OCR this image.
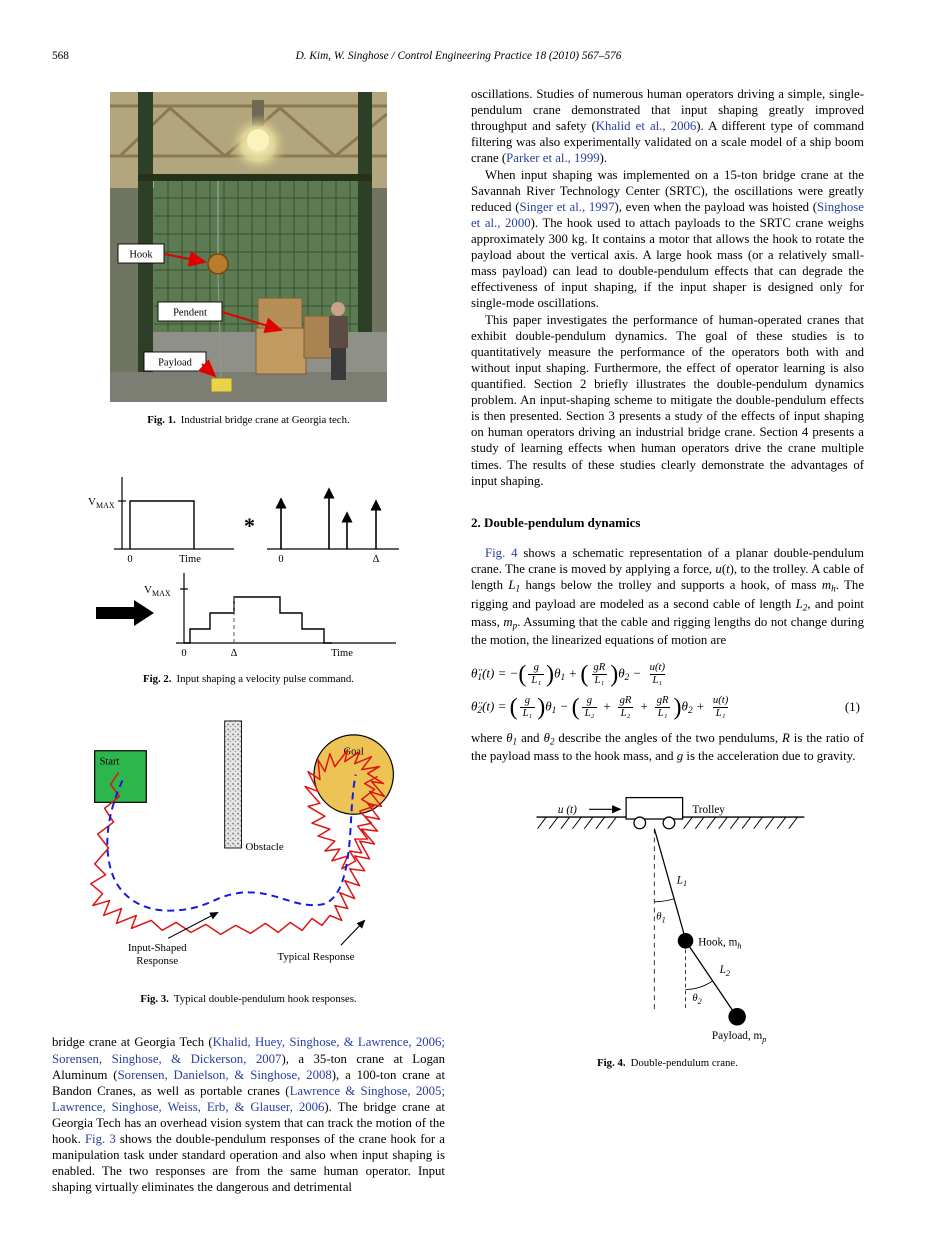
568	D. Kim, W. Singhose / Control Engineering Practice 18 (2010) 567–576
Hook
Pendent
Payload
Fig. 1. Industrial bridge crane at Georgia tech.
$V_{MAX}$
0	Time
*
0	Δ
$V_{MAX}$
0	Δ	Time
Fig. 2. Input shaping a velocity pulse command.
Obstacle
Start
Goal
Input-Shaped
Response	Typical Response
Fig. 3. Typical double-pendulum hook responses.

bridge crane at Georgia Tech (Khalid, Huey, Singhose, & Lawrence, 2006; Sorensen, Singhose, & Dickerson, 2007), a 35-ton crane at Logan Aluminum (Sorensen, Danielson, & Singhose, 2008), a 100-ton crane at Bandon Cranes, as well as portable cranes (Lawrence & Singhose, 2005; Lawrence, Singhose, Weiss, Erb, & Glauser, 2006). The bridge crane at Georgia Tech has an overhead vision system that can track the motion of the hook. Fig. 3 shows the double-pendulum responses of the crane hook for a manipulation task under standard operation and also when input shaping is enabled. The two responses are from the same human operator. Input shaping virtually eliminates the dangerous and detrimental

oscillations. Studies of numerous human operators driving a simple, single-pendulum crane demonstrated that input shaping greatly improved throughput and safety (Khalid et al., 2006). A different type of command filtering was also experimentally validated on a scale model of a ship boom crane (Parker et al., 1999).

When input shaping was implemented on a 15-ton bridge crane at the Savannah River Technology Center (SRTC), the oscillations were greatly reduced (Singer et al., 1997), even when the payload was hoisted (Singhose et al., 2000). The hook used to attach payloads to the SRTC crane weighs approximately 300 kg. It contains a motor that allows the hook to rotate the payload about the vertical axis. A large hook mass (or a relatively small-mass payload) can lead to double-pendulum effects that can degrade the effectiveness of input shaping, if the input shaper is designed only for single-mode oscillations.

This paper investigates the performance of human-operated cranes that exhibit double-pendulum dynamics. The goal of these studies is to quantitatively measure the performance of the operators both with and without input shaping. Furthermore, the effect of operator learning is also quantified. Section 2 briefly illustrates the double-pendulum dynamics problem. An input-shaping scheme to mitigate the double-pendulum effects is then presented. Section 3 presents a study of the effects of input shaping on human operators driving an industrial bridge crane. Section 4 presents a study of learning effects when human operators drive the crane multiple times. The results of these studies clearly demonstrate the advantages of input shaping.

2. Double-pendulum dynamics

Fig. 4 shows a schematic representation of a planar double-pendulum crane. The crane is moved by applying a force, u(t), to the trolley. A cable of length $L_1$ hangs below the trolley and supports a hook, of mass $m_h$. The rigging and payload are modeled as a second cable of length $L_2$, and point mass, $m_p$. Assuming that the cable and rigging lengths do not change during the motion, the linearized equations of motion are

$\thetä_1(t)$ = −( $\frac{g}{\text{L₁}} )\theta_1$ + ( $\frac{gR}{\text{L₁}} )\theta_2 - \frac{u(t)}{\text{L₁}}$
$\thetä_2(t)$ = ( $\frac{g}{\text{L₁}} )\theta_1$ − ( $\frac{g}{\text{L₂}} + \frac{gR}{\text{L₂}} + \frac{gR}{\text{L₁}} )\theta_2 + \frac{u(t)}{\text{L₁}}$	(1)

where $\theta_1$ and $\theta_2$ describe the angles of the two pendulums, R is the ratio of the payload mass to the hook mass, and g is the acceleration due to gravity.

u (t)	Trolley
$L_1$
$\theta_1$
Hook, $m_h$
$L_2$
$\theta_2$
Payload, $m_p$
Fig. 4. Double-pendulum crane.
